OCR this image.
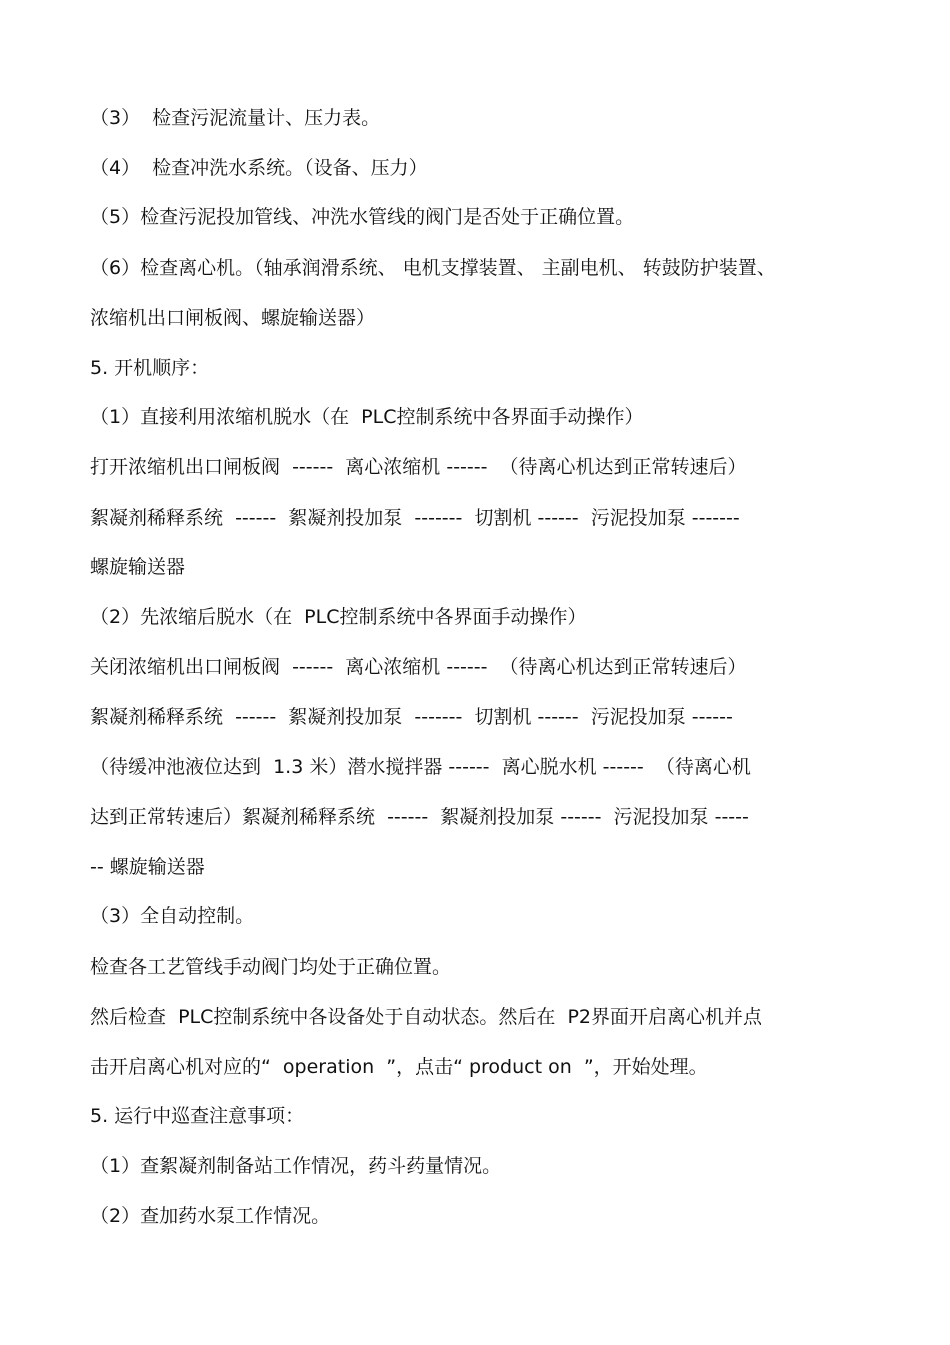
（3）  检查污泥流量计、压力表。
（4）  检查冲洗水系统。（设备、压力）
（5）检查污泥投加管线、冲洗水管线的阀门是否处于正确位置。
（6）检查离心机。（轴承润滑系统、 电机支撑装置、 主副电机、 转鼓防护装置、
浓缩机出口闸板阀、螺旋输送器）
5. 开机顺序：
（1）直接利用浓缩机脱水（在  PLC控制系统中各界面手动操作）
打开浓缩机出口闸板阀  ------  离心浓缩机 ------  （待离心机达到正常转速后）
絮凝剂稀释系统  ------  絮凝剂投加泵  -------  切割机 ------  污泥投加泵 -------
螺旋输送器
（2）先浓缩后脱水（在  PLC控制系统中各界面手动操作）
关闭浓缩机出口闸板阀  ------  离心浓缩机 ------  （待离心机达到正常转速后）
絮凝剂稀释系统  ------  絮凝剂投加泵  -------  切割机 ------  污泥投加泵 ------
（待缓冲池液位达到  1.3 米）潜水搅拌器 ------  离心脱水机 ------  （待离心机
达到正常转速后）絮凝剂稀释系统  ------  絮凝剂投加泵 ------  污泥投加泵 -----
-- 螺旋输送器
（3）全自动控制。
检查各工艺管线手动阀门均处于正确位置。
然后检查  PLC控制系统中各设备处于自动状态。然后在  P2界面开启离心机并点
击开启离心机对应的“  operation  ”，点击“ product on  ”，开始处理。
5. 运行中巡查注意事项：
（1）查絮凝剂制备站工作情况，药斗药量情况。
（2）查加药水泵工作情况。
